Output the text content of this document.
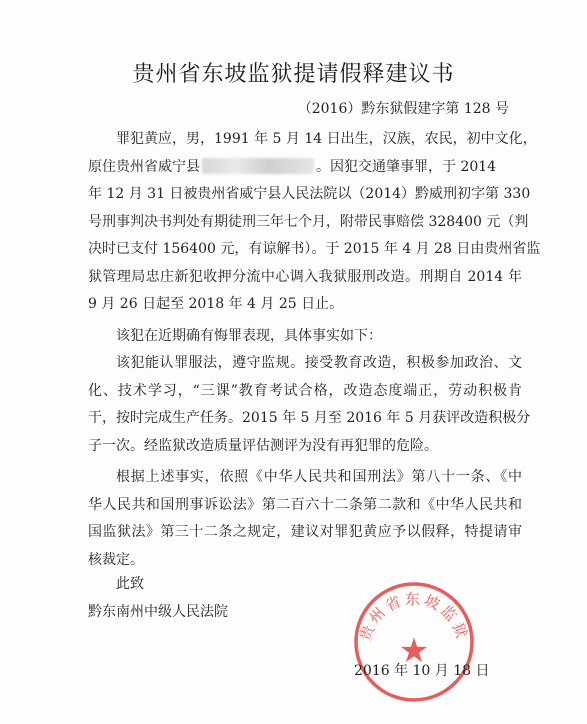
贵州省东坡监狱提请假释建议书
（2016）黔东狱假建字第 128 号
罪犯黄应，男，1991 年 5 月 14 日出生，汉族，农民，初中文化，
原住贵州省威宁县	。因犯交通肇事罪，于 2014
年 12 月 31 日被贵州省威宁县人民法院以（2014）黔威刑初字第 330
号刑事判决书判处有期徒刑三年七个月，附带民事赔偿 328400 元（判
决时已支付 156400 元，有谅解书）。于 2015 年 4 月 28 日由贵州省监
狱管理局忠庄新犯收押分流中心调入我狱服刑改造。刑期自 2014 年
9 月 26 日起至 2018 年 4 月 25 日止。
该犯在近期确有悔罪表现，具体事实如下：
该犯能认罪服法，遵守监规。接受教育改造，积极参加政治、文
化、技术学习，“三课”教育考试合格，改造态度端正，劳动积极肯
干，按时完成生产任务。2015 年 5 月至 2016 年 5 月获评改造积极分
子一次。经监狱改造质量评估测评为没有再犯罪的危险。
根据上述事实，依照《中华人民共和国刑法》第八十一条、《中
华人民共和国刑事诉讼法》第二百六十二条第二款和《中华人民共和
国监狱法》第三十二条之规定，建议对罪犯黄应予以假释，特提请审
核裁定。
此致
黔东南州中级人民法院
贵州省东坡监狱
★
2016 年 10 月 18 日
